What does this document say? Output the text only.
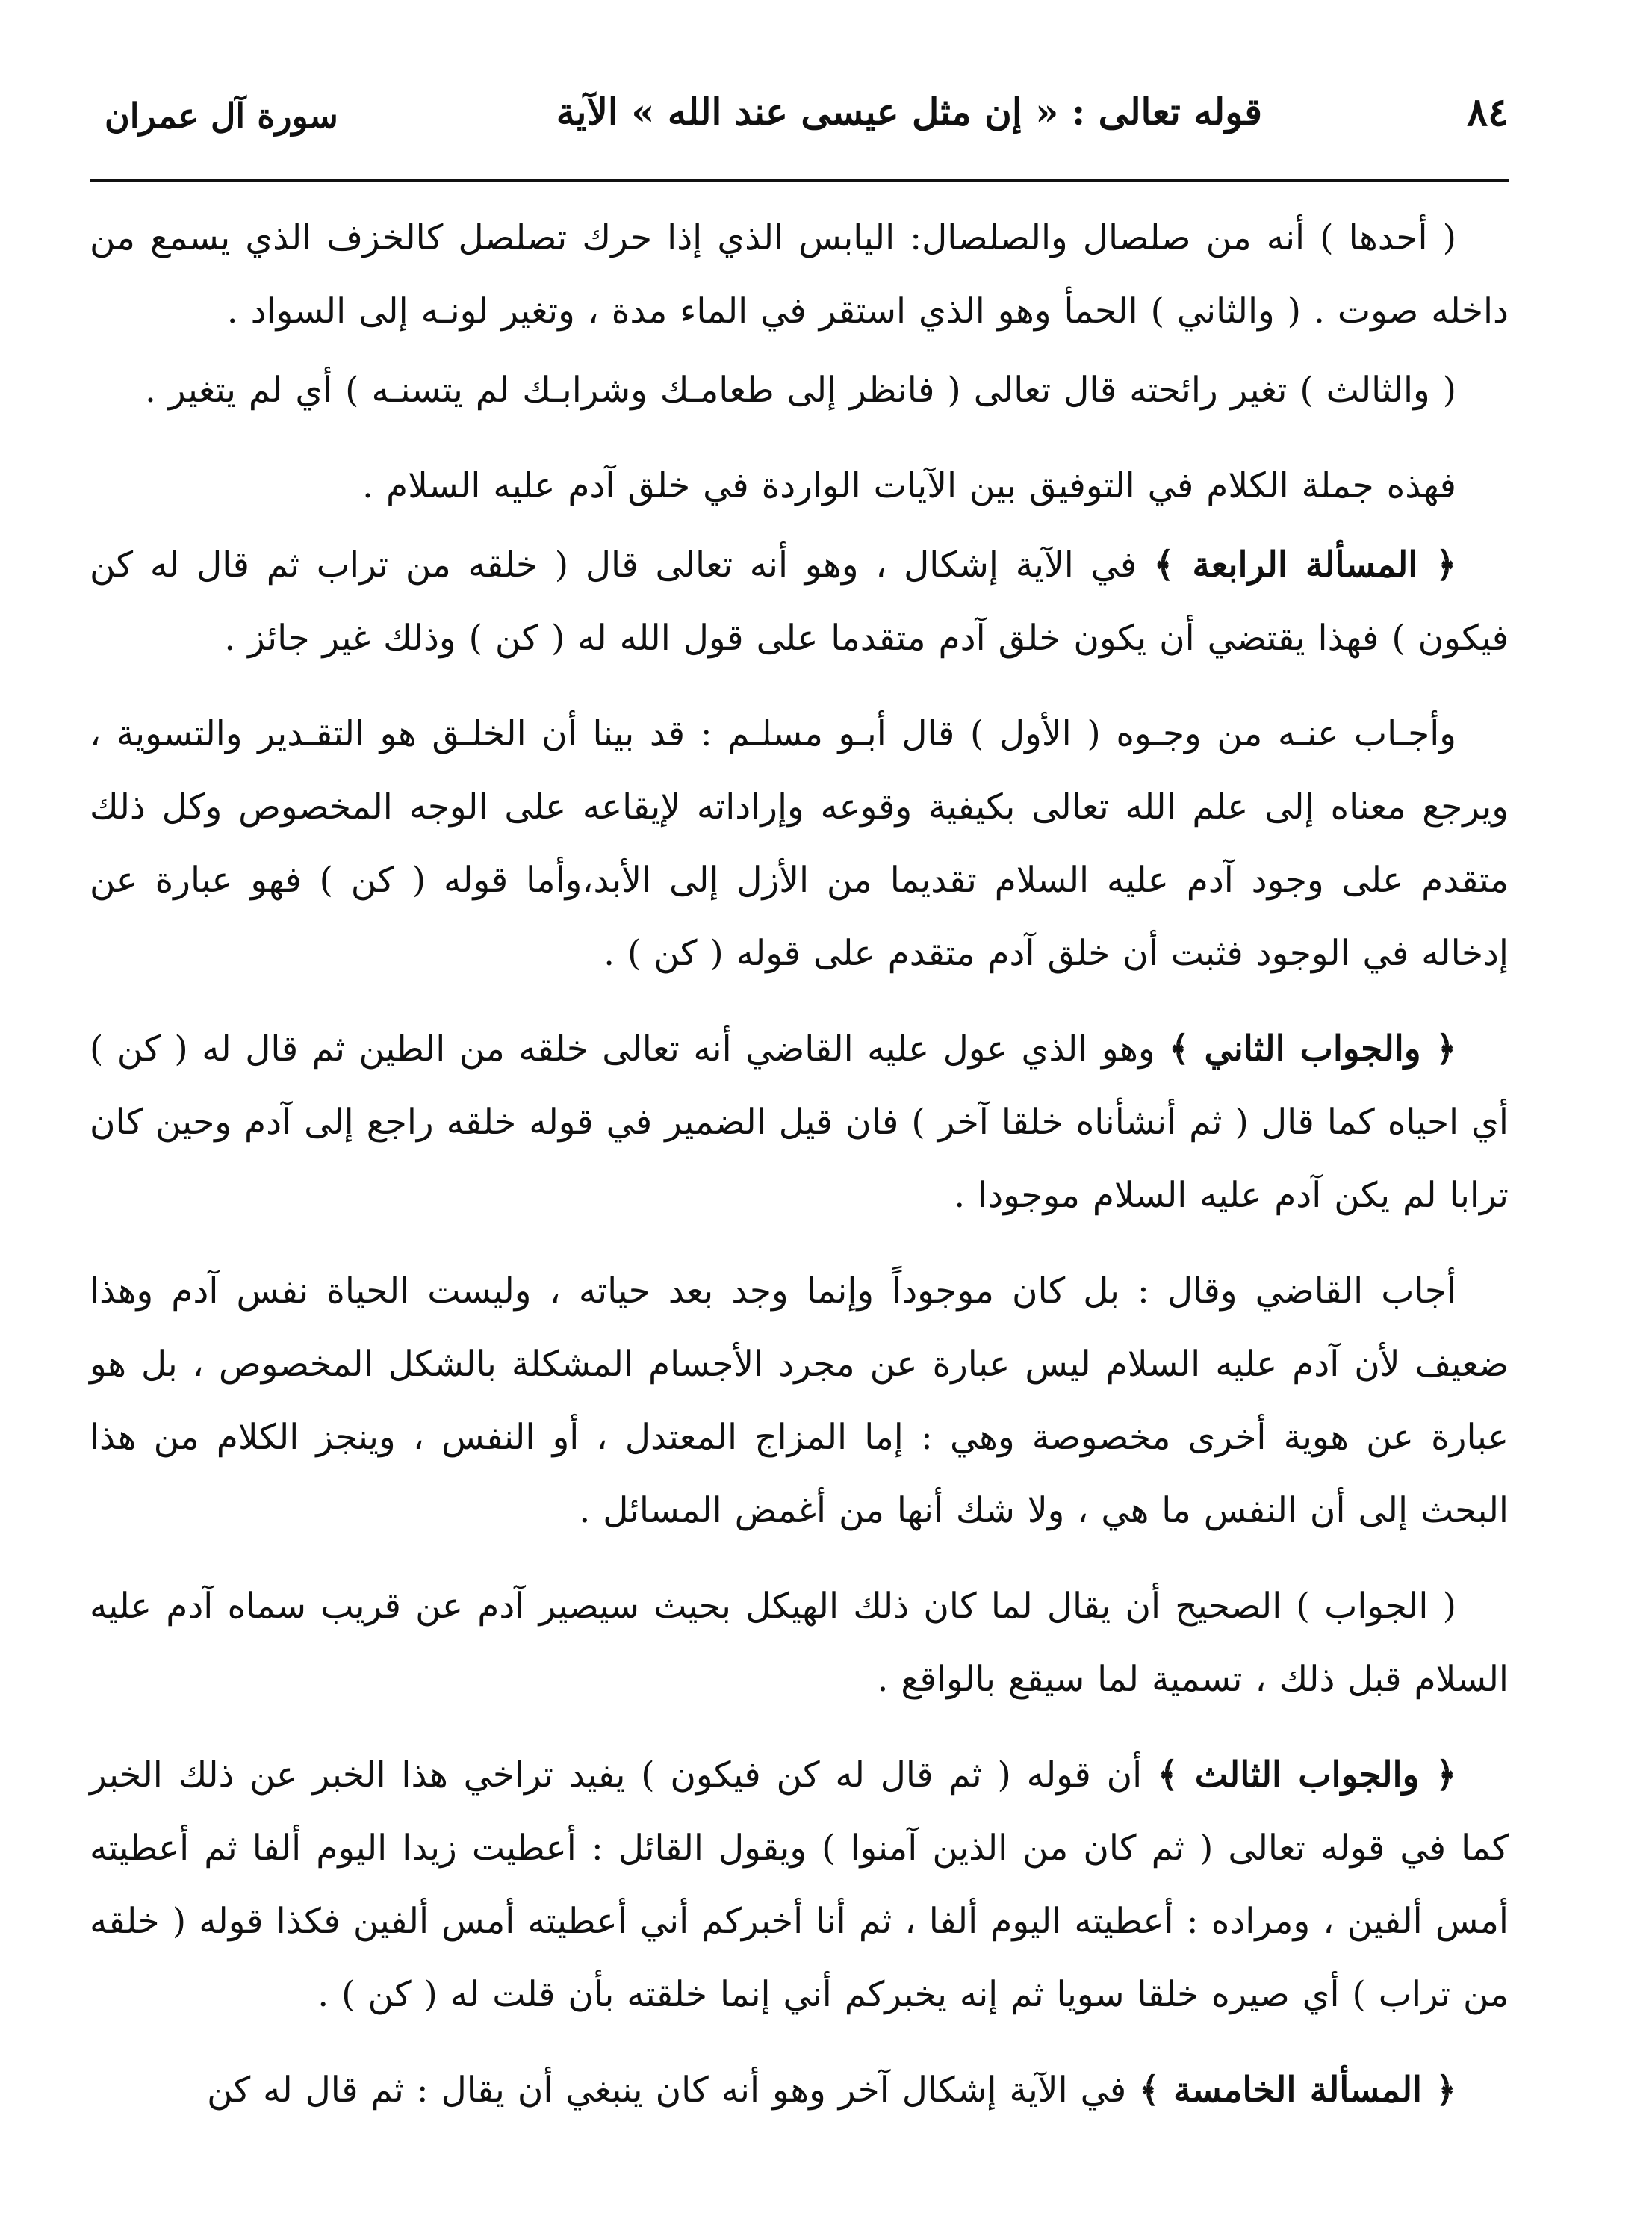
٨٤
قوله تعالى : « إن مثل عيسى عند الله » الآية
سورة آل عمران

( أحدها ) أنه من صلصال والصلصال: اليابس الذي إذا حرك تصلصل كالخزف الذي يسمع من داخله صوت . ( والثاني ) الحمأ وهو الذي استقر في الماء مدة ، وتغير لونـه إلى السواد .

( والثالث ) تغير رائحته قال تعالى ( فانظر إلى طعامـك وشرابـك لم يتسنـه ) أي لم يتغير .

فهذه جملة الكلام في التوفيق بين الآيات الواردة في خلق آدم عليه السلام .

﴿ المسألة الرابعة ﴾ في الآية إشكال ، وهو أنه تعالى قال ( خلقه من تراب ثم قال له كن فيكون ) فهذا يقتضي أن يكون خلق آدم متقدما على قول الله له ( كن ) وذلك غير جائز .

وأجـاب عنـه من وجـوه ( الأول ) قال أبـو مسلـم : قد بينا أن الخلـق هو التقـدير والتسوية ، ويرجع معناه إلى علم الله تعالى بكيفية وقوعه وإراداته لإيقاعه على الوجه المخصوص وكل ذلك متقدم على وجود آدم عليه السلام تقديما من الأزل إلى الأبد،وأما قوله ( كن ) فهو عبارة عن إدخاله في الوجود فثبت أن خلق آدم متقدم على قوله ( كن ) .

﴿ والجواب الثاني ﴾ وهو الذي عول عليه القاضي أنه تعالى خلقه من الطين ثم قال له ( كن ) أي احياه كما قال ( ثم أنشأناه خلقا آخر ) فان قيل الضمير في قوله خلقه راجع إلى آدم وحين كان ترابا لم يكن آدم عليه السلام موجودا .

أجاب القاضي وقال : بل كان موجوداً وإنما وجد بعد حياته ، وليست الحياة نفس آدم وهذا ضعيف لأن آدم عليه السلام ليس عبارة عن مجرد الأجسام المشكلة بالشكل المخصوص ، بل هو عبارة عن هوية أخرى مخصوصة وهي : إما المزاج المعتدل ، أو النفس ، وينجز الكلام من هذا البحث إلى أن النفس ما هي ، ولا شك أنها من أغمض المسائل .

( الجواب ) الصحيح أن يقال لما كان ذلك الهيكل بحيث سيصير آدم عن قريب سماه آدم عليه السلام قبل ذلك ، تسمية لما سيقع بالواقع .

﴿ والجواب الثالث ﴾ أن قوله ( ثم قال له كن فيكون ) يفيد تراخي هذا الخبر عن ذلك الخبر كما في قوله تعالى ( ثم كان من الذين آمنوا ) ويقول القائل : أعطيت زيدا اليوم ألفا ثم أعطيته أمس ألفين ، ومراده : أعطيته اليوم ألفا ، ثم أنا أخبركم أني أعطيته أمس ألفين فكذا قوله ( خلقه من تراب ) أي صيره خلقا سويا ثم إنه يخبركم أني إنما خلقته بأن قلت له ( كن ) .

﴿ المسألة الخامسة ﴾ في الآية إشكال آخر وهو أنه كان ينبغي أن يقال : ثم قال له كن
